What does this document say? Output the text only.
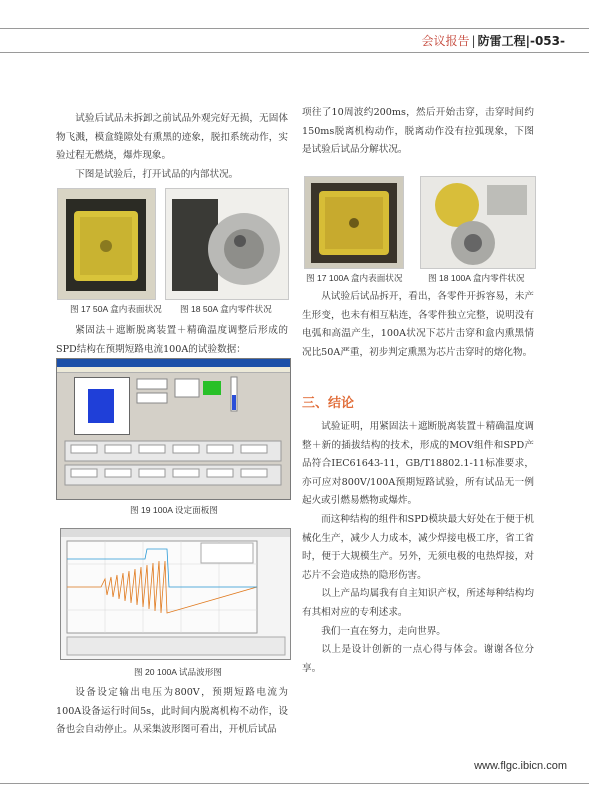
会议报告 | 防雷工程|-053-

试验后试品未拆卸之前试品外观完好无损，无固体物飞溅，模盒缝隙处有熏黑的迹象，脱扣系统动作，实验过程无燃烧，爆炸现象。

下图是试验后，打开试品的内部状况。

图 17 50A 盒内表面状况 图 18 50A 盒内零件状况

紧固法＋遮断脱离装置＋精确温度调整后形成的SPD结构在预期短路电流100A的试验数据：

图 19 100A 设定面板图
图 20 100A 试品波形图

设备设定输出电压为800V，预期短路电流为100A设备运行时间5s，此时间内脱离机构不动作，设备也会自动停止。从采集波形图可看出，开机后试品

项往了10周波约200ms，然后开始击穿，击穿时间约150ms脱离机构动作，脱离动作没有拉弧现象，下图是试验后试品分解状况。

图 17 100A 盒内表面状况	图 18 100A 盒内零件状况

从试验后试品拆开，看出，各零件开拆容易，未产生形变，也未有相互粘连，各零件独立完整，说明没有电弧和高温产生，100A状况下芯片击穿和盒内熏黑情况比50A严重，初步判定熏黑为芯片击穿时的熔化物。

三、结论

试验证明，用紧固法＋遮断脱离装置＋精确温度调整＋新的插拔结构的技术，形成的MOV组件和SPD产品符合IEC61643-11，GB/T18802.1-11标准要求，亦可应对800V/100A预期短路试验，所有试品无一例起火或引燃易燃物或爆炸。

而这种结构的组件和SPD模块最大好处在于便于机械化生产，减少人力成本，减少焊接电极工序，省工省时，便于大规模生产。另外，无须电极的电热焊接，对芯片不会造成热的隐形伤害。

以上产品均属我有自主知识产权，所述每种结构均有其相对应的专利述求。

我们一直在努力，走向世界。

以上是设计创新的一点心得与体会。谢谢各位分享。

www.flgc.ibicn.com
